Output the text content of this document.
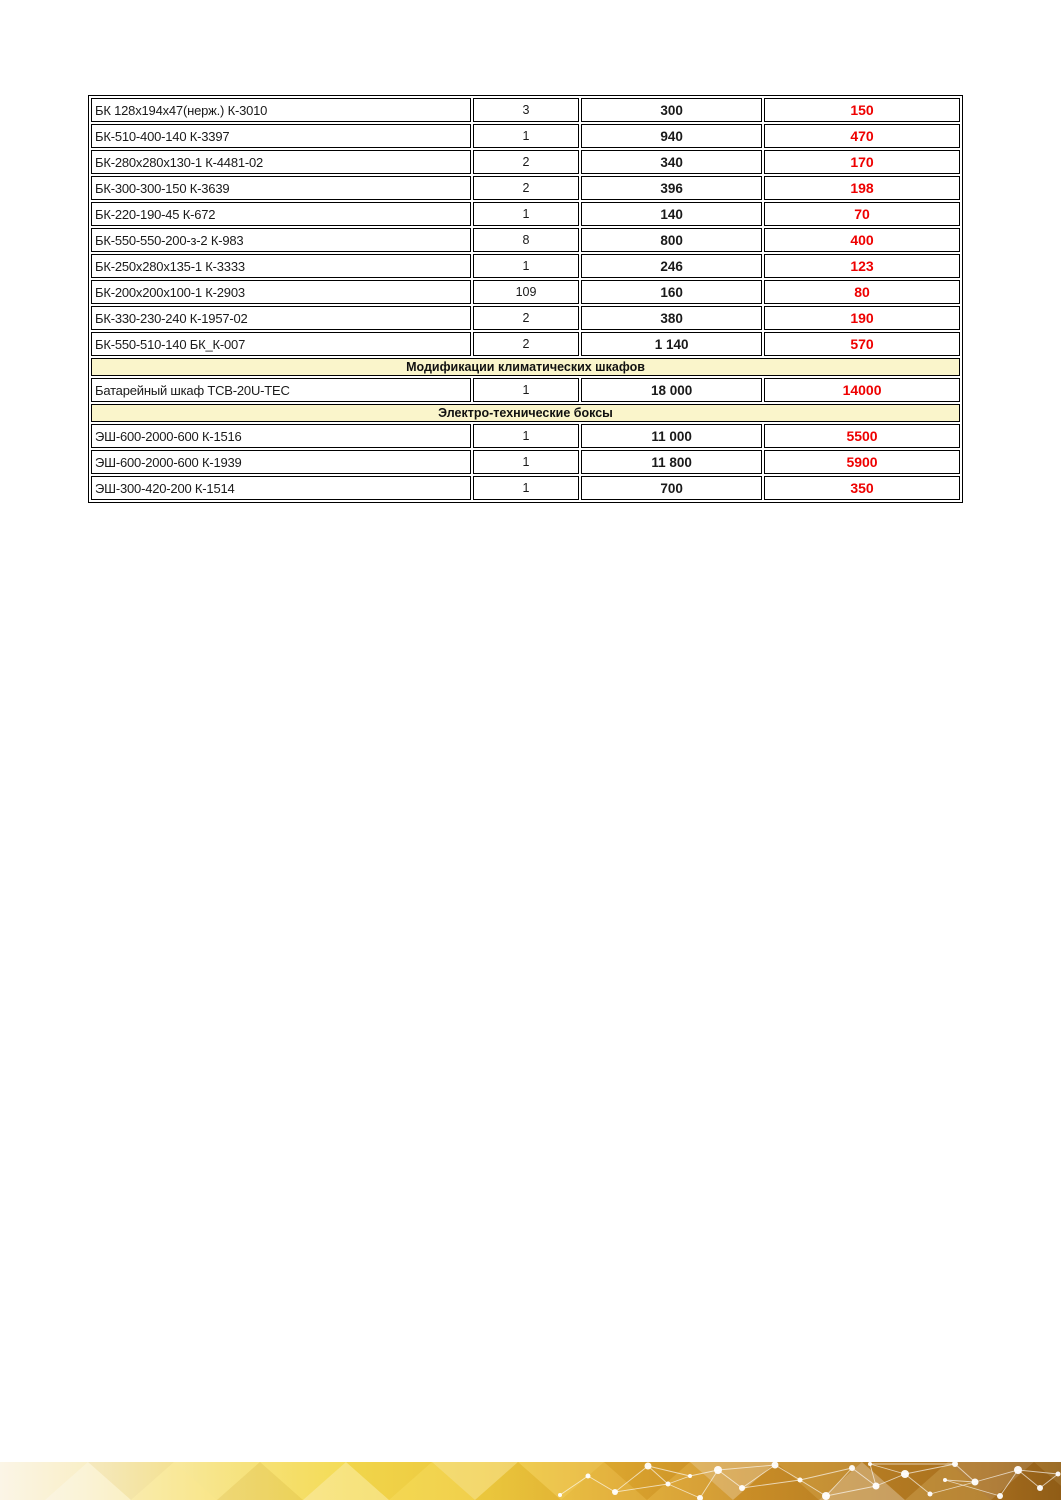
БК 128x194x47(нерж.) К-3010	3	300	150
БК-510-400-140 К-3397	1	940	470
БК-280x280x130-1 К-4481-02	2	340	170
БК-300-300-150 К-3639	2	396	198
БК-220-190-45 К-672	1	140	70
БК-550-550-200-з-2 К-983	8	800	400
БК-250x280x135-1 К-3333	1	246	123
БК-200x200x100-1 К-2903	109	160	80
БК-330-230-240 К-1957-02	2	380	190
БК-550-510-140 БК_К-007	2	1 140	570
Модификации климатических шкафов			
Батарейный шкаф ТСВ-20U-ТЕС	1	18 000	14000
Электро-технические боксы			
ЭШ-600-2000-600 К-1516	1	11 000	5500
ЭШ-600-2000-600 К-1939	1	11 800	5900
ЭШ-300-420-200 К-1514	1	700	350
